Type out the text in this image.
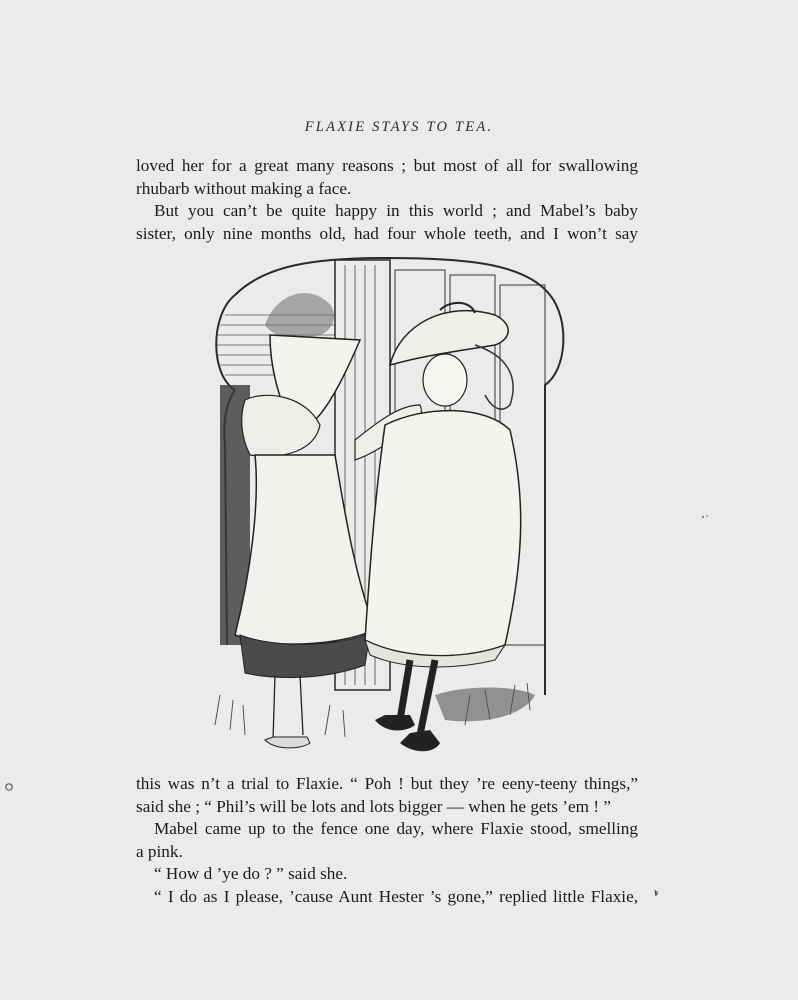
FLAXIE STAYS TO TEA.

loved her for a great many reasons ; but most of all for swallowing
rhubarb without making a face.

But you can’t be quite happy in this world ; and Mabel’s baby
sister, only nine months old, had four whole teeth, and I won’t say

this was n’t a trial to Flaxie. “ Poh ! but they ’re eeny-teeny things,”
said she ; “ Phil’s will be lots and lots bigger — when he gets ’em ! ”

Mabel came up to the fence one day, where Flaxie stood, smelling
a pink.

“ How d ’ye do ? ” said she.

“ I do as I please, ’cause Aunt Hester ’s gone,” replied little Flaxie,
